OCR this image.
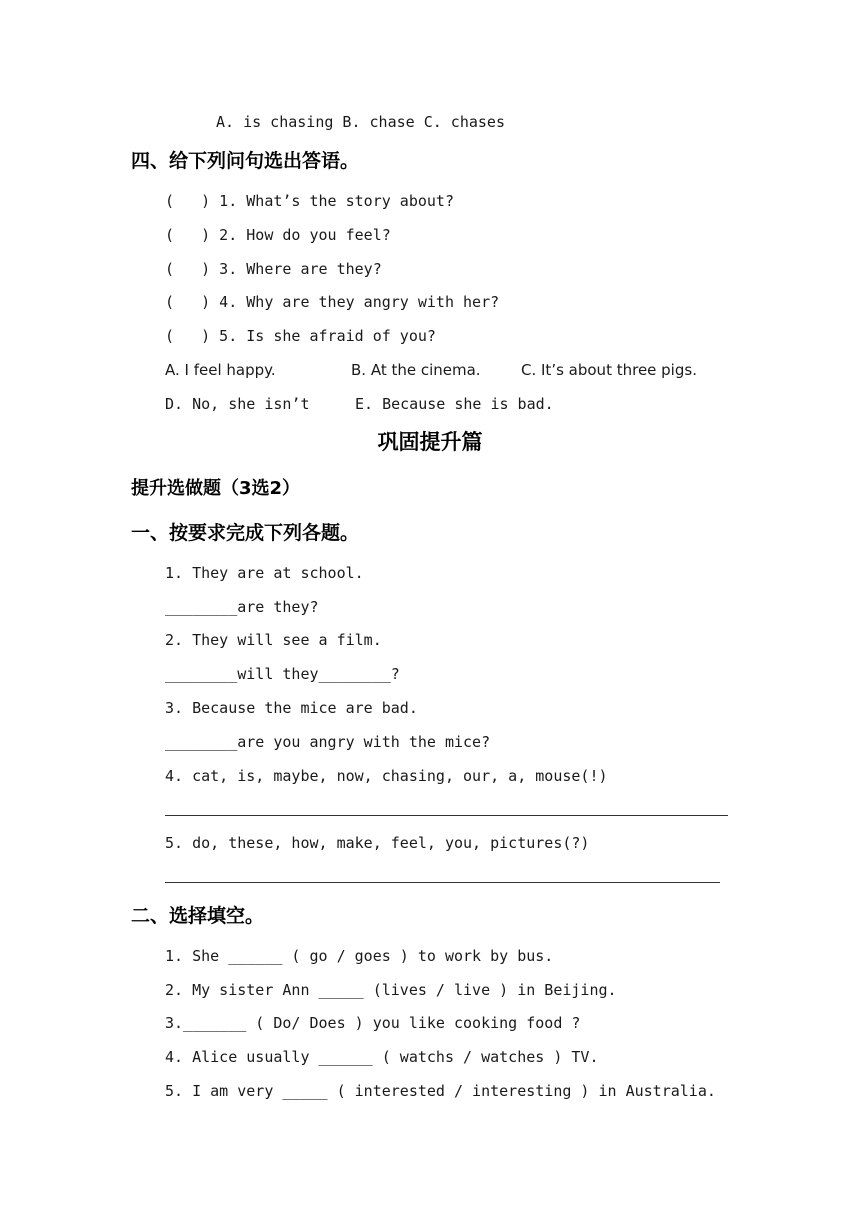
A. is chasing B. chase C. chases
四、给下列问句选出答语。
(   ) 1. What’s the story about?
(   ) 2. How do you feel?
(   ) 3. Where are they?
(   ) 4. Why are they angry with her?
(   ) 5. Is she afraid of you?
A. I feel happy.	B. At the cinema.	C. It’s about three pigs.
D. No, she isn’t	E. Because she is bad.
巩固提升篇
提升选做题（3选2）
一、按要求完成下列各题。
1. They are at school.
________are they?
2. They will see a film.
________will they________?
3. Because the mice are bad.
________are you angry with the mice?
4. cat, is, maybe, now, chasing, our, a, mouse(!)
5. do, these, how, make, feel, you, pictures(?)
二、选择填空。
1. She ______ ( go / goes ) to work by bus.
2. My sister Ann _____ (lives / live ) in Beijing.
3._______ ( Do/ Does ) you like cooking food ?
4. Alice usually ______ ( watchs / watches ) TV.
5. I am very _____ ( interested / interesting ) in Australia.
